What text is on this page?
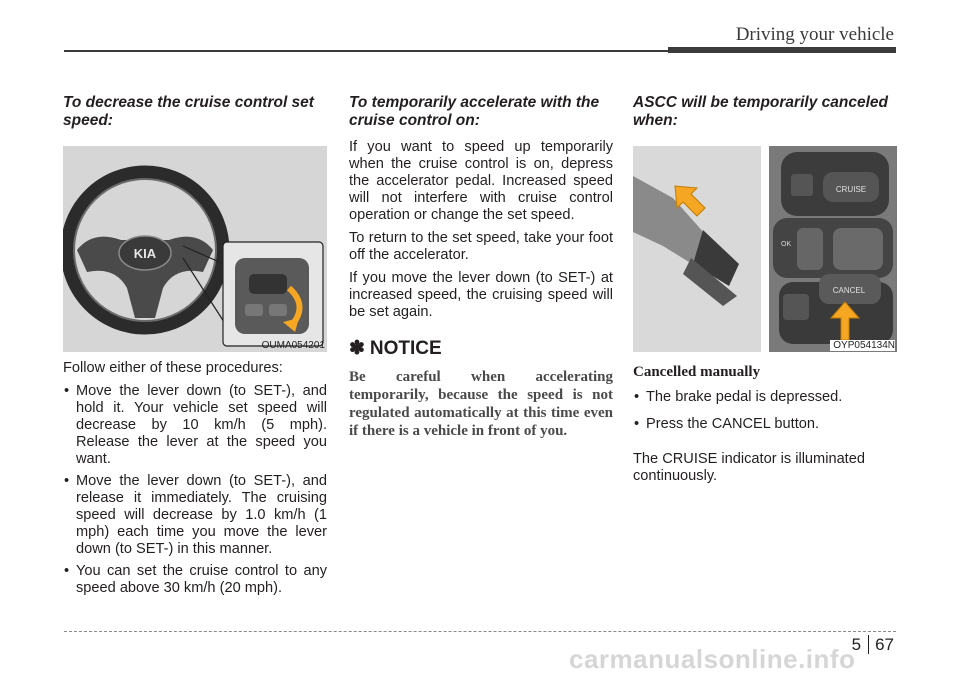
Driving your vehicle
To decrease the cruise control set speed:
KIA
OUMA054201

Follow either of these procedures:

• Move the lever down (to SET-), and hold it. Your vehicle set speed will decrease by 10 km/h (5 mph). Release the lever at the speed you want.
• Move the lever down (to SET-), and release it immediately. The cruising speed will decrease by 1.0 km/h (1 mph) each time you move the lever down (to SET-) in this manner.
• You can set the cruise control to any speed above 30 km/h (20 mph).
To temporarily accelerate with the cruise control on:

If you want to speed up temporarily when the cruise control is on, depress the accelerator pedal. Increased speed will not interfere with cruise control operation or change the set speed.

To return to the set speed, take your foot off the accelerator.

If you move the lever down (to SET-) at increased speed, the cruising speed will be set again.

✽ NOTICE
Be careful when accelerating temporarily, because the speed is not regulated automatically at this time even if there is a vehicle in front of you.
ASCC will be temporarily canceled when:
CRUISE
OK
CANCEL
OYP054134N
Cancelled manually
• The brake pedal is depressed.
• Press the CANCEL button.

The CRUISE indicator is illuminated continuously.

5 67
carmanualsonline.info
